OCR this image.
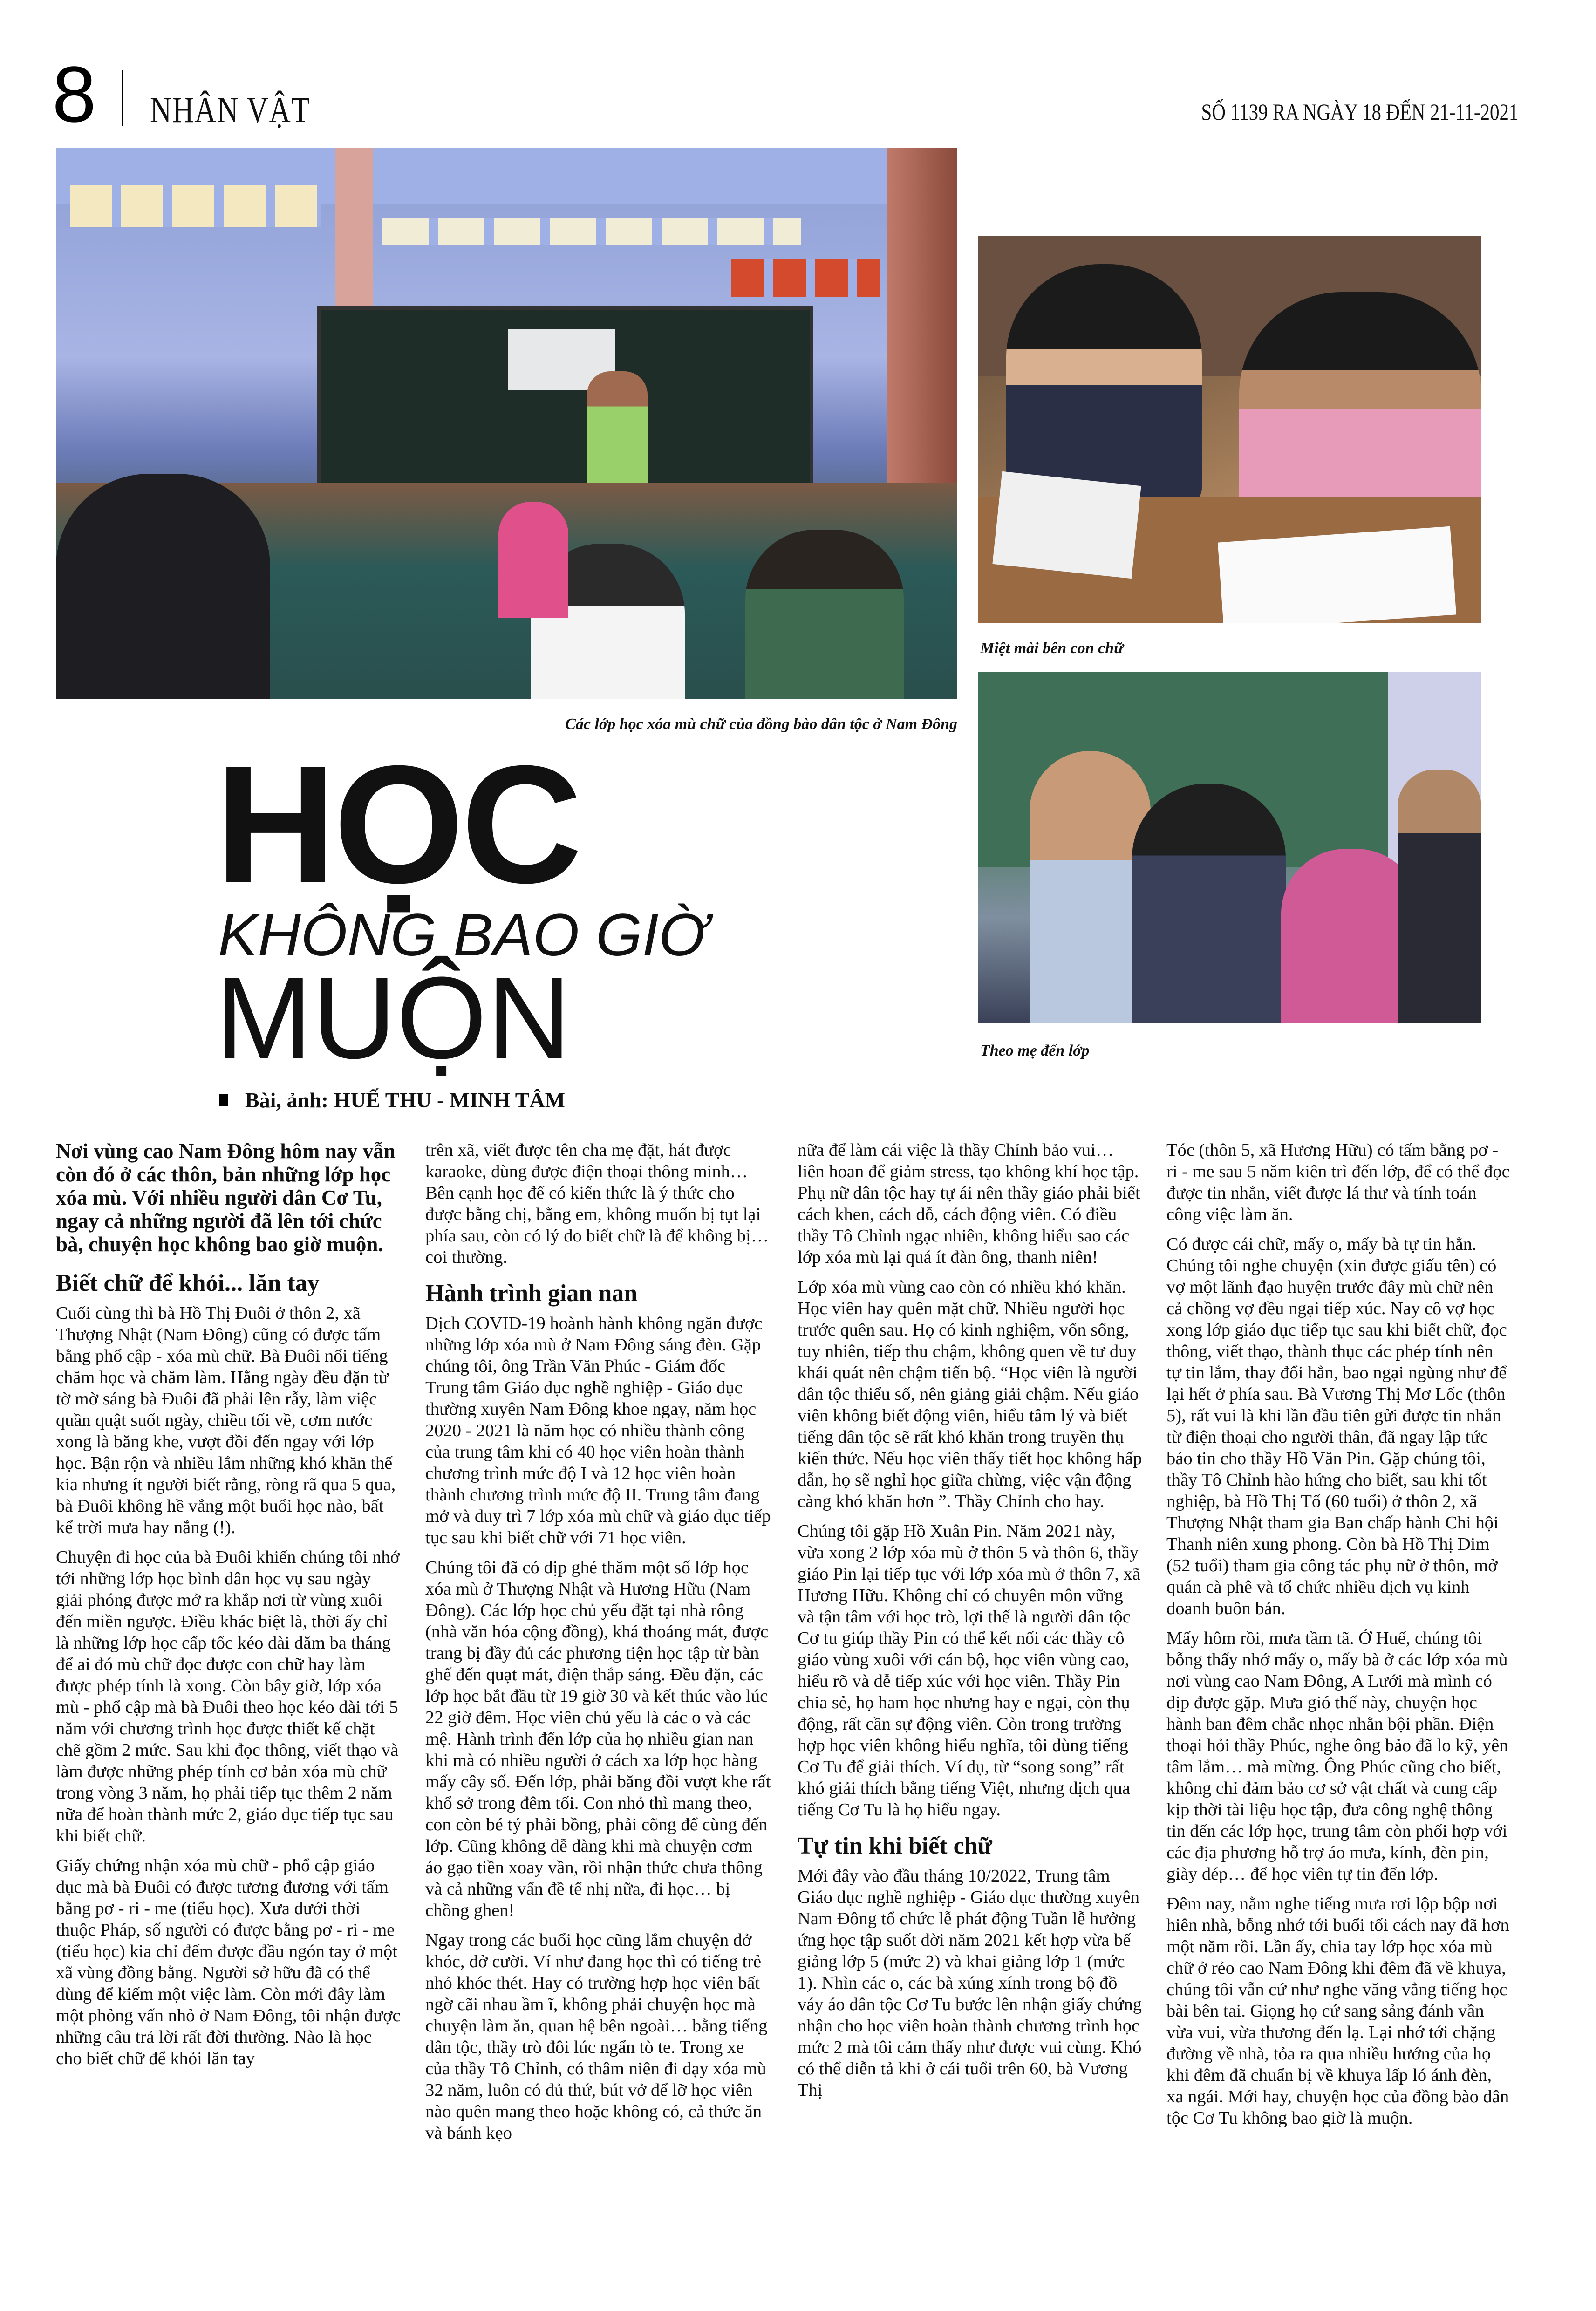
8 NHÂN VẬT	SỐ 1139 RA NGÀY 18 ĐẾN 21-11-2021
Các lớp học xóa mù chữ của đồng bào dân tộc ở Nam Đông
Miệt mài bên con chữ
Theo mẹ đến lớp
HỌC
KHÔNG BAO GIỜ
MUỘN
Bài, ảnh: HUẾ THU - MINH TÂM

Nơi vùng cao Nam Đông hôm nay vẫn còn đó ở các thôn, bản những lớp học xóa mù. Với nhiều người dân Cơ Tu, ngay cả những người đã lên tới chức bà, chuyện học không bao giờ muộn.

Biết chữ để khỏi... lăn tay

Cuối cùng thì bà Hồ Thị Đuôi ở thôn 2, xã Thượng Nhật (Nam Đông) cũng có được tấm bằng phổ cập - xóa mù chữ. Bà Đuôi nổi tiếng chăm học và chăm làm. Hằng ngày đều đặn từ tờ mờ sáng bà Đuôi đã phải lên rẫy, làm việc quần quật suốt ngày, chiều tối về, cơm nước xong là băng khe, vượt đồi đến ngay với lớp học. Bận rộn và nhiều lắm những khó khăn thế kia nhưng ít người biết rằng, ròng rã qua 5 qua, bà Đuôi không hề vắng một buổi học nào, bất kể trời mưa hay nắng (!).

Chuyện đi học của bà Đuôi khiến chúng tôi nhớ tới những lớp học bình dân học vụ sau ngày giải phóng được mở ra khắp nơi từ vùng xuôi đến miền ngược. Điều khác biệt là, thời ấy chỉ là những lớp học cấp tốc kéo dài dăm ba tháng để ai đó mù chữ đọc được con chữ hay làm được phép tính là xong. Còn bây giờ, lớp xóa mù - phổ cập mà bà Đuôi theo học kéo dài tới 5 năm với chương trình học được thiết kế chặt chẽ gồm 2 mức. Sau khi đọc thông, viết thạo và làm được những phép tính cơ bản xóa mù chữ trong vòng 3 năm, họ phải tiếp tục thêm 2 năm nữa để hoàn thành mức 2, giáo dục tiếp tục sau khi biết chữ.

Giấy chứng nhận xóa mù chữ - phổ cập giáo dục mà bà Đuôi có được tương đương với tấm bằng pơ - ri - me (tiểu học). Xưa dưới thời thuộc Pháp, số người có được bằng pơ - ri - me (tiểu học) kia chỉ đếm được đầu ngón tay ở một xã vùng đồng bằng. Người sở hữu đã có thể dùng để kiếm một việc làm. Còn mới đây làm một phỏng vấn nhỏ ở Nam Đông, tôi nhận được những câu trả lời rất đời thường. Nào là học cho biết chữ để khỏi lăn tay

trên xã, viết được tên cha mẹ đặt, hát được karaoke, dùng được điện thoại thông minh… Bên cạnh học để có kiến thức là ý thức cho được bằng chị, bằng em, không muốn bị tụt lại phía sau, còn có lý do biết chữ là để không bị… coi thường.

Hành trình gian nan

Dịch COVID-19 hoành hành không ngăn được những lớp xóa mù ở Nam Đông sáng đèn. Gặp chúng tôi, ông Trần Văn Phúc - Giám đốc Trung tâm Giáo dục nghề nghiệp - Giáo dục thường xuyên Nam Đông khoe ngay, năm học 2020 - 2021 là năm học có nhiều thành công của trung tâm khi có 40 học viên hoàn thành chương trình mức độ I và 12 học viên hoàn thành chương trình mức độ II. Trung tâm đang mở và duy trì 7 lớp xóa mù chữ và giáo dục tiếp tục sau khi biết chữ với 71 học viên.

Chúng tôi đã có dịp ghé thăm một số lớp học xóa mù ở Thượng Nhật và Hương Hữu (Nam Đông). Các lớp học chủ yếu đặt tại nhà rông (nhà văn hóa cộng đồng), khá thoáng mát, được trang bị đầy đủ các phương tiện học tập từ bàn ghế đến quạt mát, điện thắp sáng. Đều đặn, các lớp học bắt đầu từ 19 giờ 30 và kết thúc vào lúc 22 giờ đêm. Học viên chủ yếu là các o và các mệ. Hành trình đến lớp của họ nhiều gian nan khi mà có nhiều người ở cách xa lớp học hàng mấy cây số. Đến lớp, phải băng đồi vượt khe rất khổ sở trong đêm tối. Con nhỏ thì mang theo, con còn bé tý phải bồng, phải cõng để cùng đến lớp. Cũng không dễ dàng khi mà chuyện cơm áo gạo tiền xoay vần, rồi nhận thức chưa thông và cả những vấn đề tế nhị nữa, đi học… bị chồng ghen!

Ngay trong các buổi học cũng lắm chuyện dở khóc, dở cười. Ví như đang học thì có tiếng trẻ nhỏ khóc thét. Hay có trường hợp học viên bất ngờ cãi nhau ầm ĩ, không phải chuyện học mà chuyện làm ăn, quan hệ bên ngoài… bằng tiếng dân tộc, thầy trò đôi lúc ngẩn tò te. Trong xe của thầy Tô Chỉnh, có thâm niên đi dạy xóa mù 32 năm, luôn có đủ thứ, bút vở để lỡ học viên nào quên mang theo hoặc không có, cả thức ăn và bánh kẹo

nữa để làm cái việc là thầy Chỉnh bảo vui… liên hoan để giảm stress, tạo không khí học tập. Phụ nữ dân tộc hay tự ái nên thầy giáo phải biết cách khen, cách dỗ, cách động viên. Có điều thầy Tô Chỉnh ngạc nhiên, không hiểu sao các lớp xóa mù lại quá ít đàn ông, thanh niên!

Lớp xóa mù vùng cao còn có nhiều khó khăn. Học viên hay quên mặt chữ. Nhiều người học trước quên sau. Họ có kinh nghiệm, vốn sống, tuy nhiên, tiếp thu chậm, không quen về tư duy khái quát nên chậm tiến bộ. “Học viên là người dân tộc thiểu số, nên giảng giải chậm. Nếu giáo viên không biết động viên, hiểu tâm lý và biết tiếng dân tộc sẽ rất khó khăn trong truyền thụ kiến thức. Nếu học viên thấy tiết học không hấp dẫn, họ sẽ nghỉ học giữa chừng, việc vận động càng khó khăn hơn ”. Thầy Chỉnh cho hay.

Chúng tôi gặp Hồ Xuân Pin. Năm 2021 này, vừa xong 2 lớp xóa mù ở thôn 5 và thôn 6, thầy giáo Pin lại tiếp tục với lớp xóa mù ở thôn 7, xã Hương Hữu. Không chỉ có chuyên môn vững và tận tâm với học trò, lợi thế là người dân tộc Cơ tu giúp thầy Pin có thể kết nối các thầy cô giáo vùng xuôi với cán bộ, học viên vùng cao, hiểu rõ và dễ tiếp xúc với học viên. Thầy Pin chia sẻ, họ ham học nhưng hay e ngại, còn thụ động, rất cần sự động viên. Còn trong trường hợp học viên không hiểu nghĩa, tôi dùng tiếng Cơ Tu để giải thích. Ví dụ, từ “song song” rất khó giải thích bằng tiếng Việt, nhưng dịch qua tiếng Cơ Tu là họ hiểu ngay.

Tự tin khi biết chữ

Mới đây vào đầu tháng 10/2022, Trung tâm Giáo dục nghề nghiệp - Giáo dục thường xuyên Nam Đông tổ chức lễ phát động Tuần lễ hưởng ứng học tập suốt đời năm 2021 kết hợp vừa bế giảng lớp 5 (mức 2) và khai giảng lớp 1 (mức 1). Nhìn các o, các bà xúng xính trong bộ đồ váy áo dân tộc Cơ Tu bước lên nhận giấy chứng nhận cho học viên hoàn thành chương trình học mức 2 mà tôi cảm thấy như được vui cùng. Khó có thể diễn tả khi ở cái tuổi trên 60, bà Vương Thị

Tóc (thôn 5, xã Hương Hữu) có tấm bằng pơ - ri - me sau 5 năm kiên trì đến lớp, để có thể đọc được tin nhắn, viết được lá thư và tính toán công việc làm ăn.

Có được cái chữ, mấy o, mấy bà tự tin hẳn. Chúng tôi nghe chuyện (xin được giấu tên) có vợ một lãnh đạo huyện trước đây mù chữ nên cả chồng vợ đều ngại tiếp xúc. Nay cô vợ học xong lớp giáo dục tiếp tục sau khi biết chữ, đọc thông, viết thạo, thành thục các phép tính nên tự tin lắm, thay đổi hẳn, bao ngại ngùng như để lại hết ở phía sau. Bà Vương Thị Mơ Lốc (thôn 5), rất vui là khi lần đầu tiên gửi được tin nhắn từ điện thoại cho người thân, đã ngay lập tức báo tin cho thầy Hồ Văn Pin. Gặp chúng tôi, thầy Tô Chỉnh hào hứng cho biết, sau khi tốt nghiệp, bà Hồ Thị Tố (60 tuổi) ở thôn 2, xã Thượng Nhật tham gia Ban chấp hành Chi hội Thanh niên xung phong. Còn bà Hồ Thị Dim (52 tuổi) tham gia công tác phụ nữ ở thôn, mở quán cà phê và tổ chức nhiều dịch vụ kinh doanh buôn bán.

Mấy hôm rồi, mưa tầm tã. Ở Huế, chúng tôi bỗng thấy nhớ mấy o, mấy bà ở các lớp xóa mù nơi vùng cao Nam Đông, A Lưới mà mình có dịp được gặp. Mưa gió thế này, chuyện học hành ban đêm chắc nhọc nhằn bội phần. Điện thoại hỏi thầy Phúc, nghe ông bảo đã lo kỹ, yên tâm lắm… mà mừng. Ông Phúc cũng cho biết, không chỉ đảm bảo cơ sở vật chất và cung cấp kịp thời tài liệu học tập, đưa công nghệ thông tin đến các lớp học, trung tâm còn phối hợp với các địa phương hỗ trợ áo mưa, kính, đèn pin, giày dép… để học viên tự tin đến lớp.

Đêm nay, nằm nghe tiếng mưa rơi lộp bộp nơi hiên nhà, bỗng nhớ tới buổi tối cách nay đã hơn một năm rồi. Lần ấy, chia tay lớp học xóa mù chữ ở rẻo cao Nam Đông khi đêm đã về khuya, chúng tôi vẫn cứ như nghe văng vẳng tiếng học bài bên tai. Giọng họ cứ sang sảng đánh vần vừa vui, vừa thương đến lạ. Lại nhớ tới chặng đường về nhà, tỏa ra qua nhiều hướng của họ khi đêm đã chuẩn bị về khuya lấp ló ánh đèn, xa ngái. Mới hay, chuyện học của đồng bào dân tộc Cơ Tu không bao giờ là muộn.
